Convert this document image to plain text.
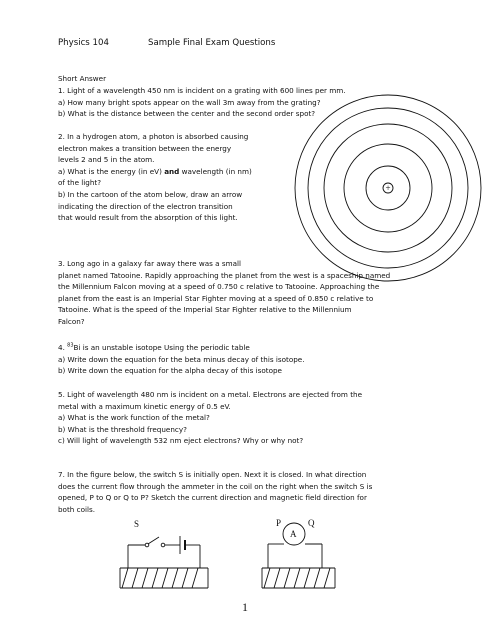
Physics 104	Sample Final Exam Questions
Short Answer
1. Light of a wavelength 450 nm is incident on a grating with 600 lines per mm.
a) How many bright spots appear on the wall 3m away from the grating?
b) What is the distance between the center and the second order spot?
2. In a hydrogen atom, a photon is absorbed causing
electron makes a transition between the energy
levels 2 and 5 in the atom.
a) What is the energy (in eV) and wavelength (in nm)
of the light?
b) In the cartoon of the atom below, draw an arrow
indicating the direction of the electron transition
that would result from the absorption of this light.
3. Long ago in a galaxy far away there was a small
planet named Tatooine. Rapidly approaching the planet from the west is a spaceship named
the Millennium Falcon moving at a speed of 0.750 c relative to Tatooine. Approaching the
planet from the east is an Imperial Star Fighter moving at a speed of 0.850 c relative to
Tatooine. What is the speed of the Imperial Star Fighter relative to the Millennium
Falcon?
4. $^{83}$Bi is an unstable isotope Using the periodic table
a) Write down the equation for the beta minus decay of this isotope.
b) Write down the equation for the alpha decay of this isotope
5. Light of wavelength 480 nm is incident on a metal. Electrons are ejected from the
metal with a maximum kinetic energy of 0.5 eV.
a) What is the work function of the metal?
b) What is the threshold frequency?
c) Will light of wavelength 532 nm eject electrons? Why or why not?
7. In the figure below, the switch S is initially open. Next it is closed. In what direction
does the current flow through the ammeter in the coil on the right when the switch S is
opened, P to Q or Q to P? Sketch the current direction and magnetic field direction for
both coils.
+
S
A
P	Q
1
